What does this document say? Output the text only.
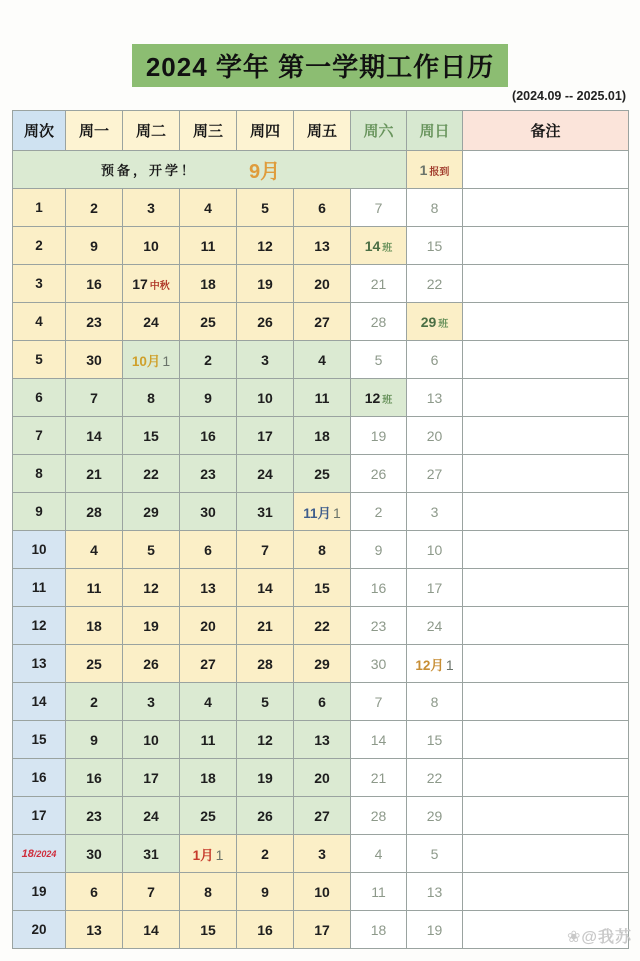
2024 学年 第一学期工作日历
(2024.09 -- 2025.01)
周次	周一	周二	周三	周四	周五	周六	周日	备注

预备，开学！ 9月							1 报到	
1	2	3	4	5	6	7	8	
2	9	10	11	12	13	14 班	15	
3	16	17 中秋	18	19	20	21	22	
4	23	24	25	26	27	28	29 班	
5	30	10月 1	2	3	4	5	6	
6	7	8	9	10	11	12 班	13	
7	14	15	16	17	18	19	20	
8	21	22	23	24	25	26	27	
9	28	29	30	31	11月 1	2	3	
10	4	5	6	7	8	9	10	
11	11	12	13	14	15	16	17	
12	18	19	20	21	22	23	24	
13	25	26	27	28	29	30	12月 1	
14	2	3	4	5	6	7	8	
15	9	10	11	12	13	14	15	
16	16	17	18	19	20	21	22	
17	23	24	25	26	27	28	29	
18/2024	30	31	1月 1	2	3	4	5	
19	6	7	8	9	10	11	13	
20	13	14	15	16	17	18	19		❀@我苏
